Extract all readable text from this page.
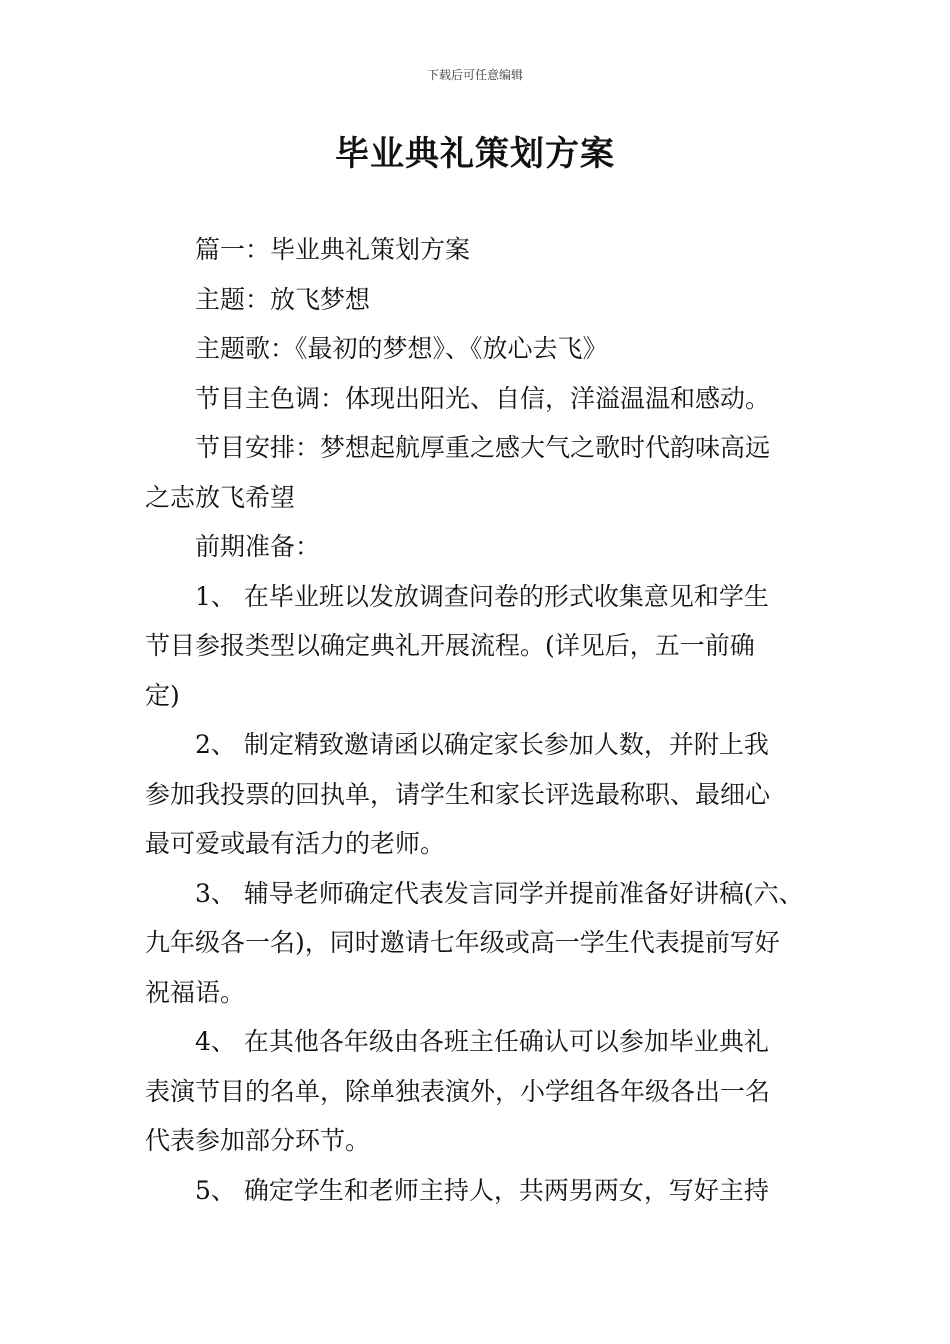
下载后可任意编辑
毕业典礼策划方案
篇一：毕业典礼策划方案
主题：放飞梦想
主题歌：《最初的梦想》、《放心去飞》
节目主色调：体现出阳光、自信，洋溢温温和感动。
节目安排：梦想起航厚重之感大气之歌时代韵味高远
之志放飞希望
前期准备：
1、 在毕业班以发放调查问卷的形式收集意见和学生
节目参报类型以确定典礼开展流程。(详见后，五一前确
定)
2、 制定精致邀请函以确定家长参加人数，并附上我
参加我投票的回执单，请学生和家长评选最称职、最细心
最可爱或最有活力的老师。
3、 辅导老师确定代表发言同学并提前准备好讲稿(六、
九年级各一名)，同时邀请七年级或高一学生代表提前写好
祝福语。
4、 在其他各年级由各班主任确认可以参加毕业典礼
表演节目的名单，除单独表演外，小学组各年级各出一名
代表参加部分环节。
5、 确定学生和老师主持人，共两男两女，写好主持
